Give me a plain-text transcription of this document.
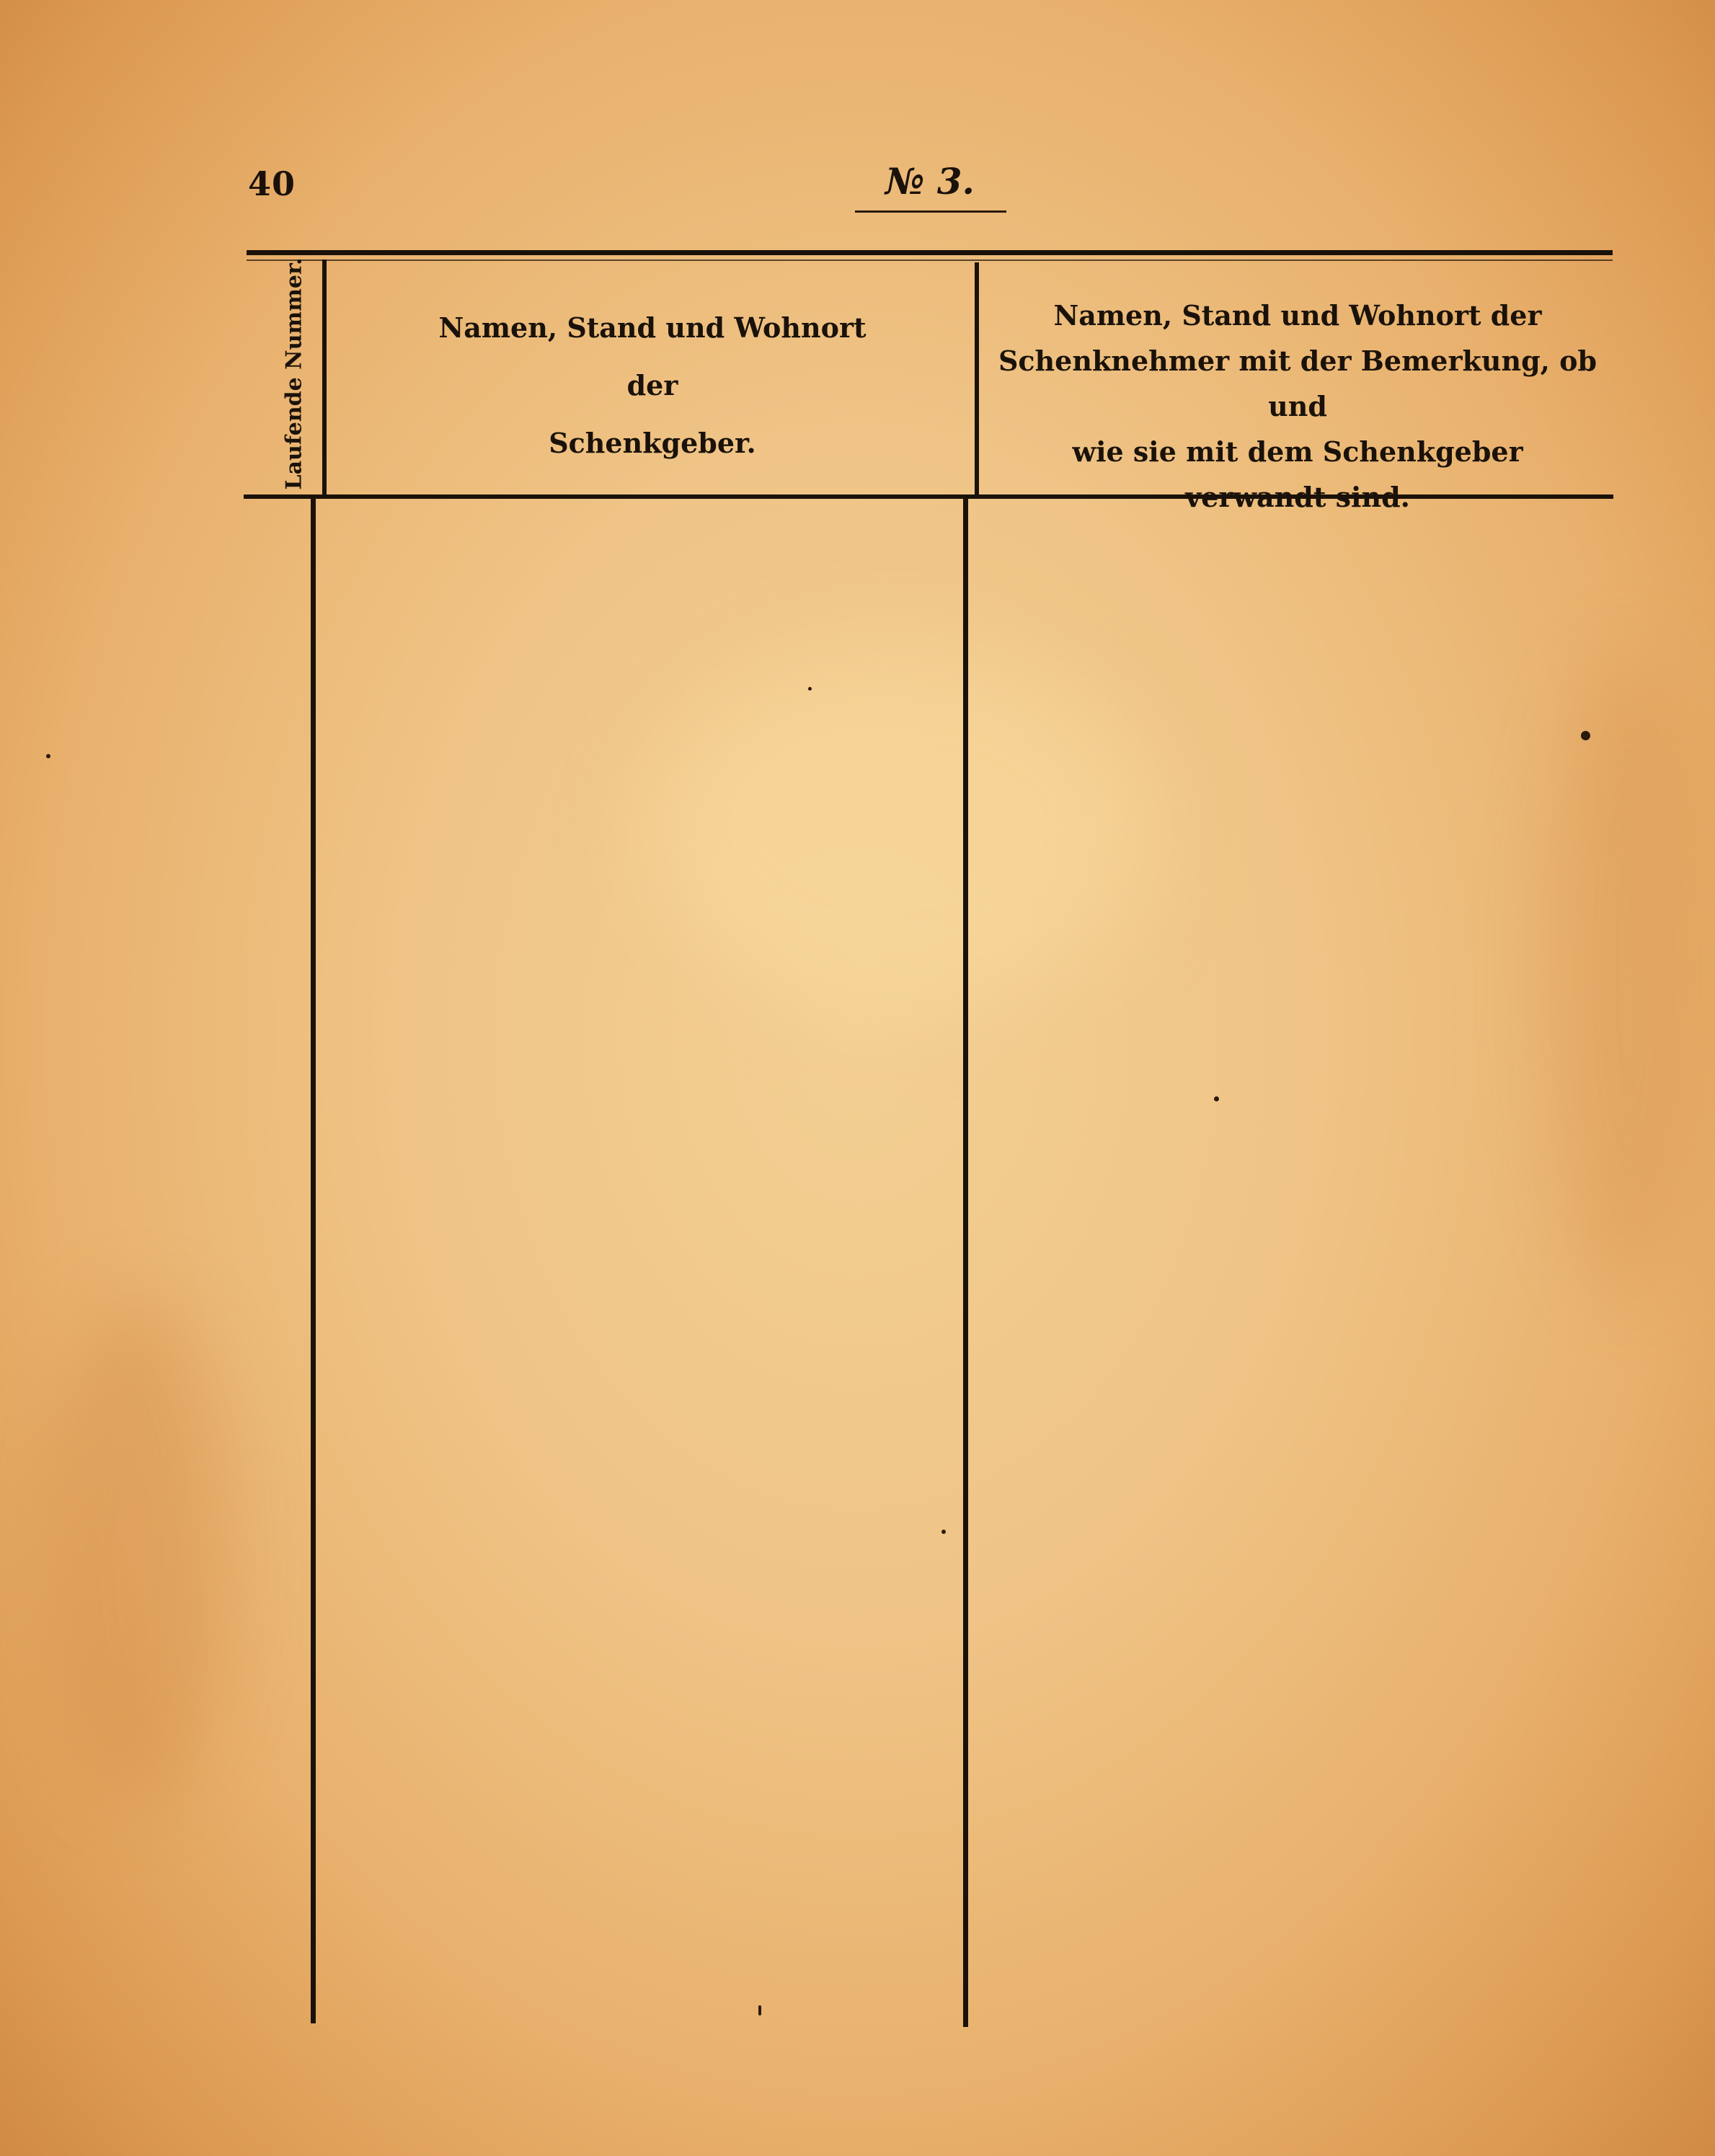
40	№ 3.
Laufende Nummer.	Namen, Stand und Wohnort
der
Schenkgeber.
Namen, Stand und Wohnort der
Schenknehmer mit der Bemerkung, ob und
wie sie mit dem Schenkgeber
verwandt sind.
